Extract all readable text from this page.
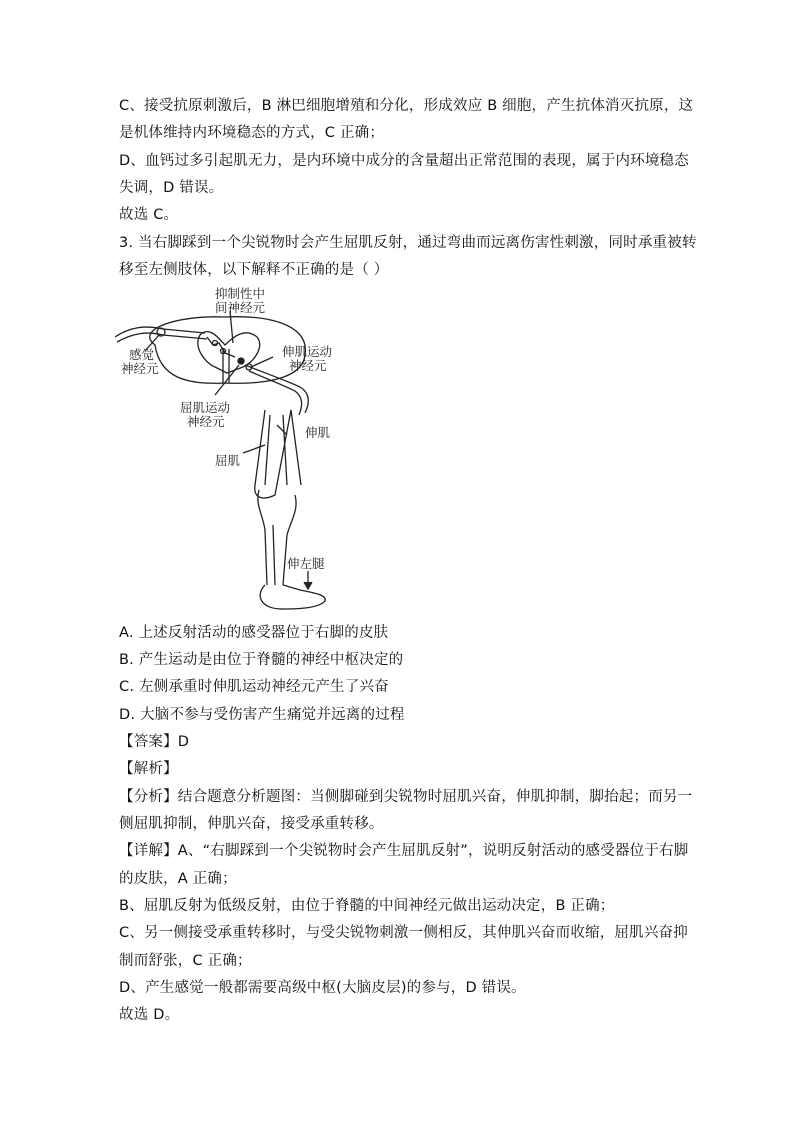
C、接受抗原刺激后，B 淋巴细胞增殖和分化，形成效应 B 细胞，产生抗体消灭抗原，这
是机体维持内环境稳态的方式，C 正确；
D、血钙过多引起肌无力，是内环境中成分的含量超出正常范围的表现，属于内环境稳态
失调，D 错误。
故选 C。
3. 当右脚踩到一个尖锐物时会产生屈肌反射，通过弯曲而远离伤害性刺激，同时承重被转
移至左侧肢体，以下解释不正确的是（ ）
抑制性中
间神经元
感觉
神经元
伸肌运动
神经元
屈肌运动
神经元
伸肌
屈肌
伸左腿
A. 上述反射活动的感受器位于右脚的皮肤
B. 产生运动是由位于脊髓的神经中枢决定的
C. 左侧承重时伸肌运动神经元产生了兴奋
D. 大脑不参与受伤害产生痛觉并远离的过程
【答案】D
【解析】
【分析】结合题意分析题图：当侧脚碰到尖锐物时屈肌兴奋，伸肌抑制，脚抬起；而另一
侧屈肌抑制，伸肌兴奋，接受承重转移。
【详解】A、“右脚踩到一个尖锐物时会产生屈肌反射”，说明反射活动的感受器位于右脚
的皮肤，A 正确；
B、屈肌反射为低级反射，由位于脊髓的中间神经元做出运动决定，B 正确；
C、另一侧接受承重转移时，与受尖锐物刺激一侧相反，其伸肌兴奋而收缩，屈肌兴奋抑
制而舒张，C 正确；
D、产生感觉一般都需要高级中枢(大脑皮层)的参与，D 错误。
故选 D。
